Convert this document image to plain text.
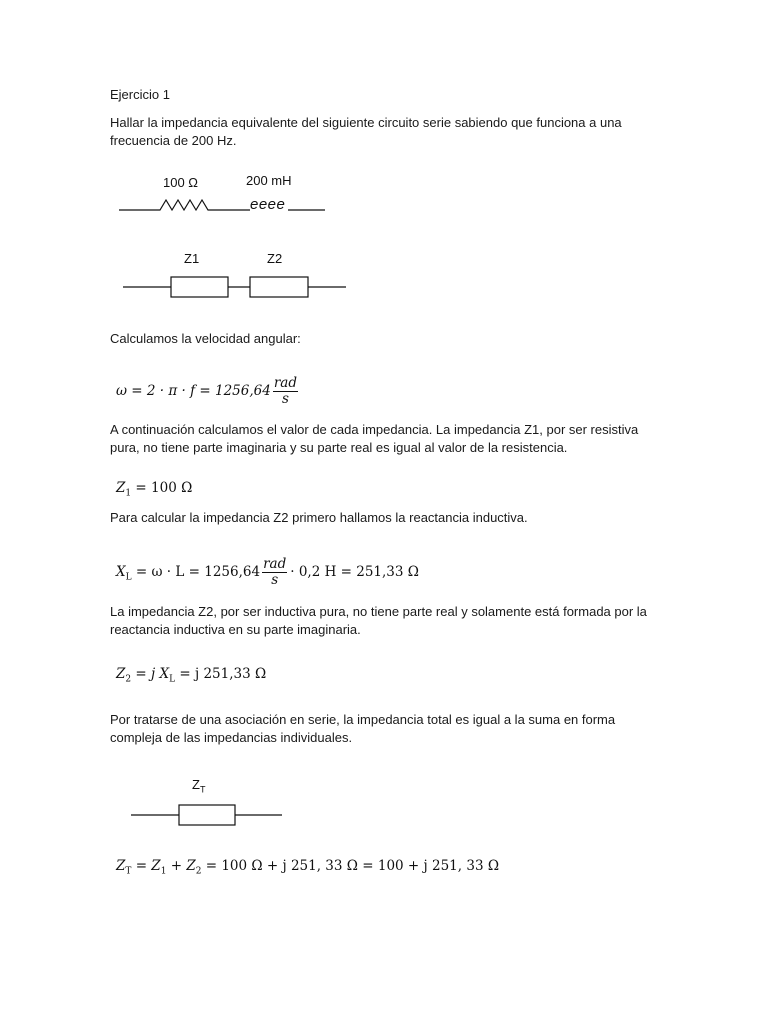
Ejercicio 1
Hallar la impedancia equivalente del siguiente circuito serie sabiendo que funciona a una frecuencia de 200 Hz.
100 Ω	200 mH
eeee
Z1	Z2
Calculamos la velocidad angular:
$\omega = 2 \cdot \pi \cdot f = 1256,64 \frac{\text{rad}}{s}$
A continuación calculamos el valor de cada impedancia. La impedancia Z1, por ser resistiva pura, no tiene parte imaginaria y su parte real es igual al valor de la resistencia.
$Z_1 = 100$ Ω
Para calcular la impedancia Z2 primero hallamos la reactancia inductiva.
$X_L = \omega \cdot L = 1256,64 \frac{\text{rad}}{s} \cdot 0,2$ H = 251,33 Ω
La impedancia Z2, por ser inductiva pura, no tiene parte real y solamente está formada por la reactancia inductiva en su parte imaginaria.
$Z_2 = j$ $X_L = j$ 251,33 Ω
Por tratarse de una asociación en serie, la impedancia total es igual a la suma en forma compleja de las impedancias individuales.
$Z_T$
$Z_T = Z_1 + Z_2 = 100$ Ω + j 251, 33 Ω = 100 + j 251, 33 Ω
